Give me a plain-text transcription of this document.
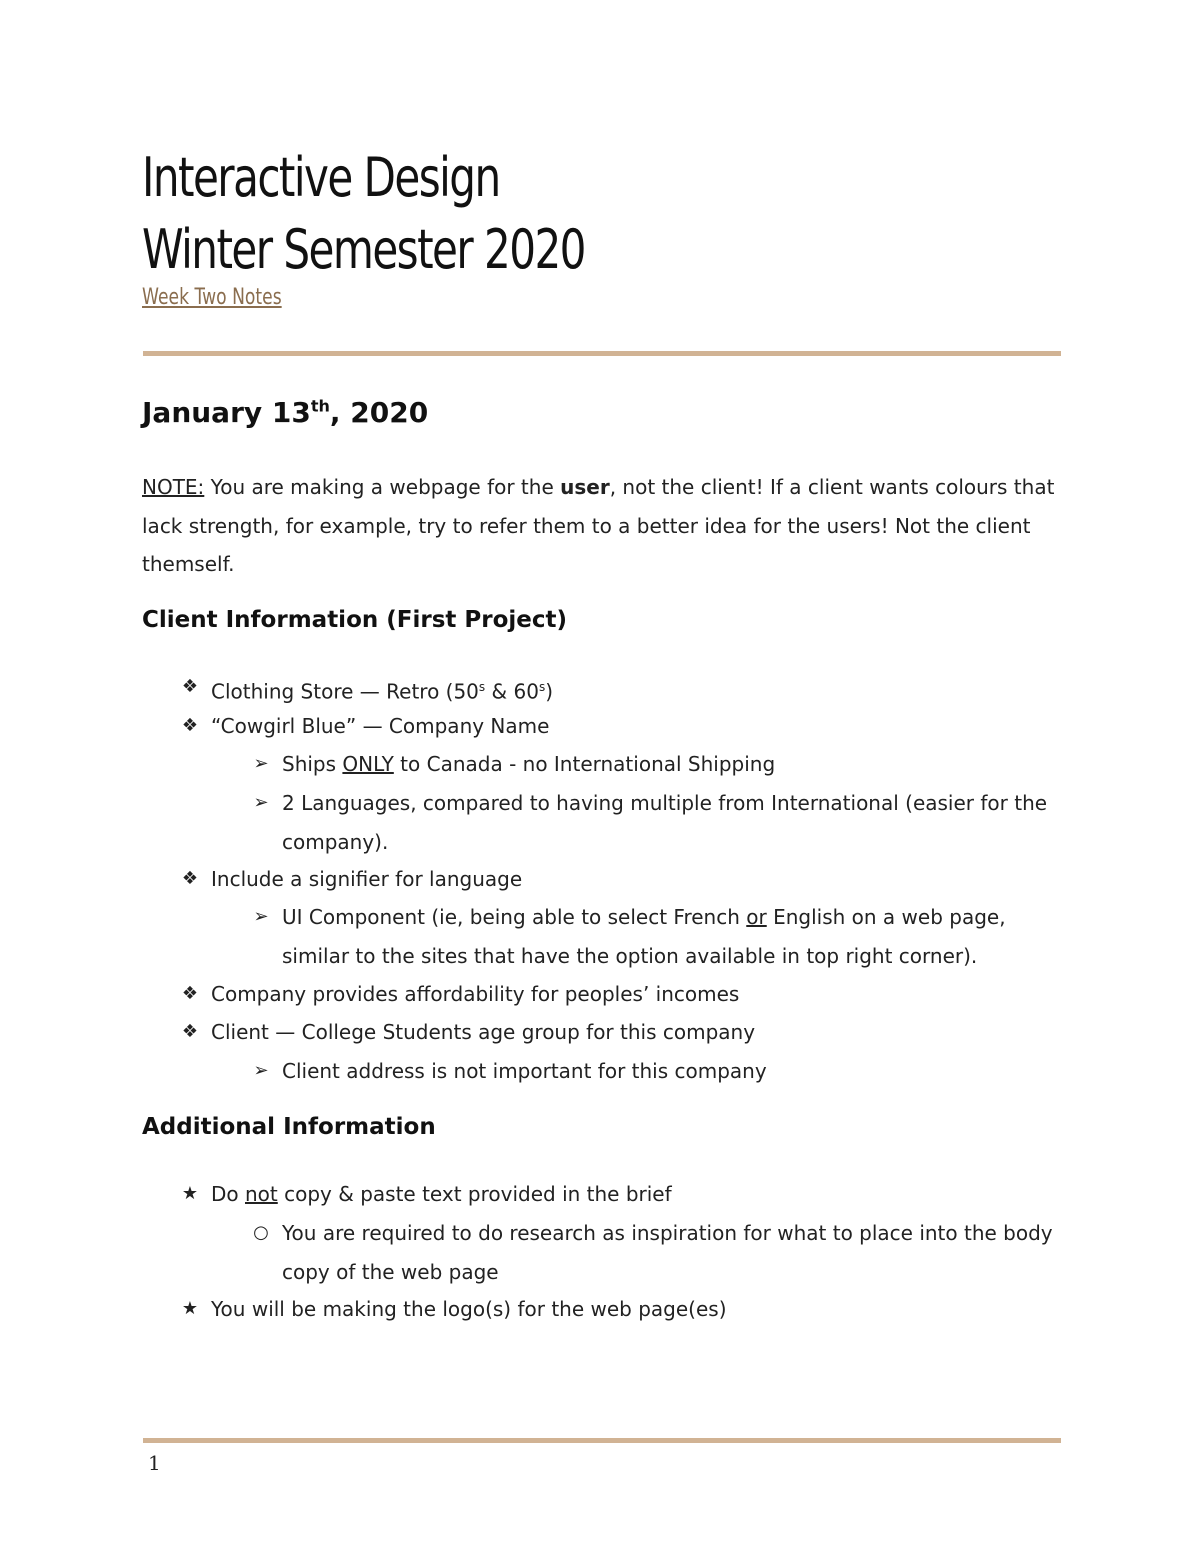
Interactive Design
Winter Semester 2020
Week Two Notes
January 13th, 2020

NOTE: You are making a webpage for the user, not the client! If a client wants colours that lack strength, for example, try to refer them to a better idea for the users! Not the client themself.

Client Information (First Project)
❖ Clothing Store — Retro (50$^s$ & 60$^s$)
❖ “Cowgirl Blue” — Company Name
➢ Ships ONLY to Canada - no International Shipping
➢ 2 Languages, compared to having multiple from International (easier for the company).
❖ Include a signifier for language
➢ UI Component (ie, being able to select French or English on a web page, similar to the sites that have the option available in top right corner).
❖ Company provides affordability for peoples’ incomes
❖ Client — College Students age group for this company
➢ Client address is not important for this company
Additional Information
★ Do not copy & paste text provided in the brief
○ You are required to do research as inspiration for what to place into the body copy of the web page
★ You will be making the logo(s) for the web page(es)
1
